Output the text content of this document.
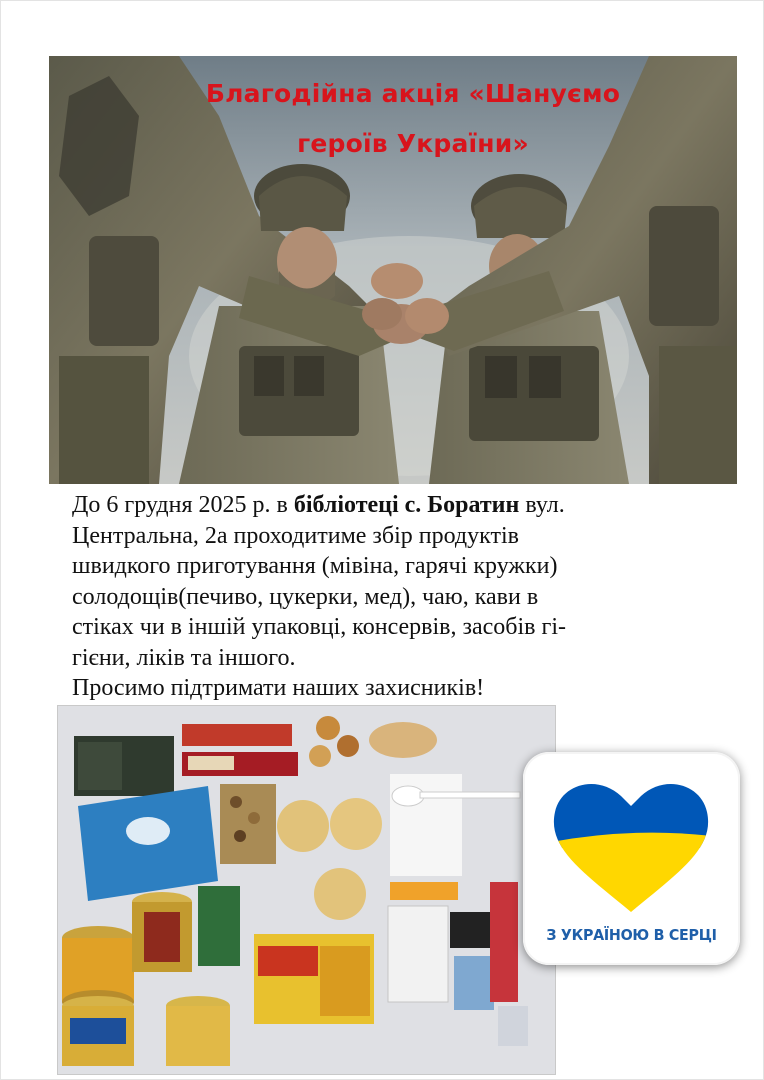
Благодійна акція «Шануємо
героїв України»
До 6 грудня 2025 р. в бібліотеці с. Боратин вул.
Центральна, 2а проходитиме збір продуктів
швидкого приготування (мівіна, гарячі кружки)
солодощів(печиво, цукерки, мед), чаю, кави в
стіках чи в іншій упаковці, консервів, засобів гі-
гієни, ліків та іншого.
Просимо підтримати наших захисників!
З УКРАЇНОЮ В СЕРЦІ
